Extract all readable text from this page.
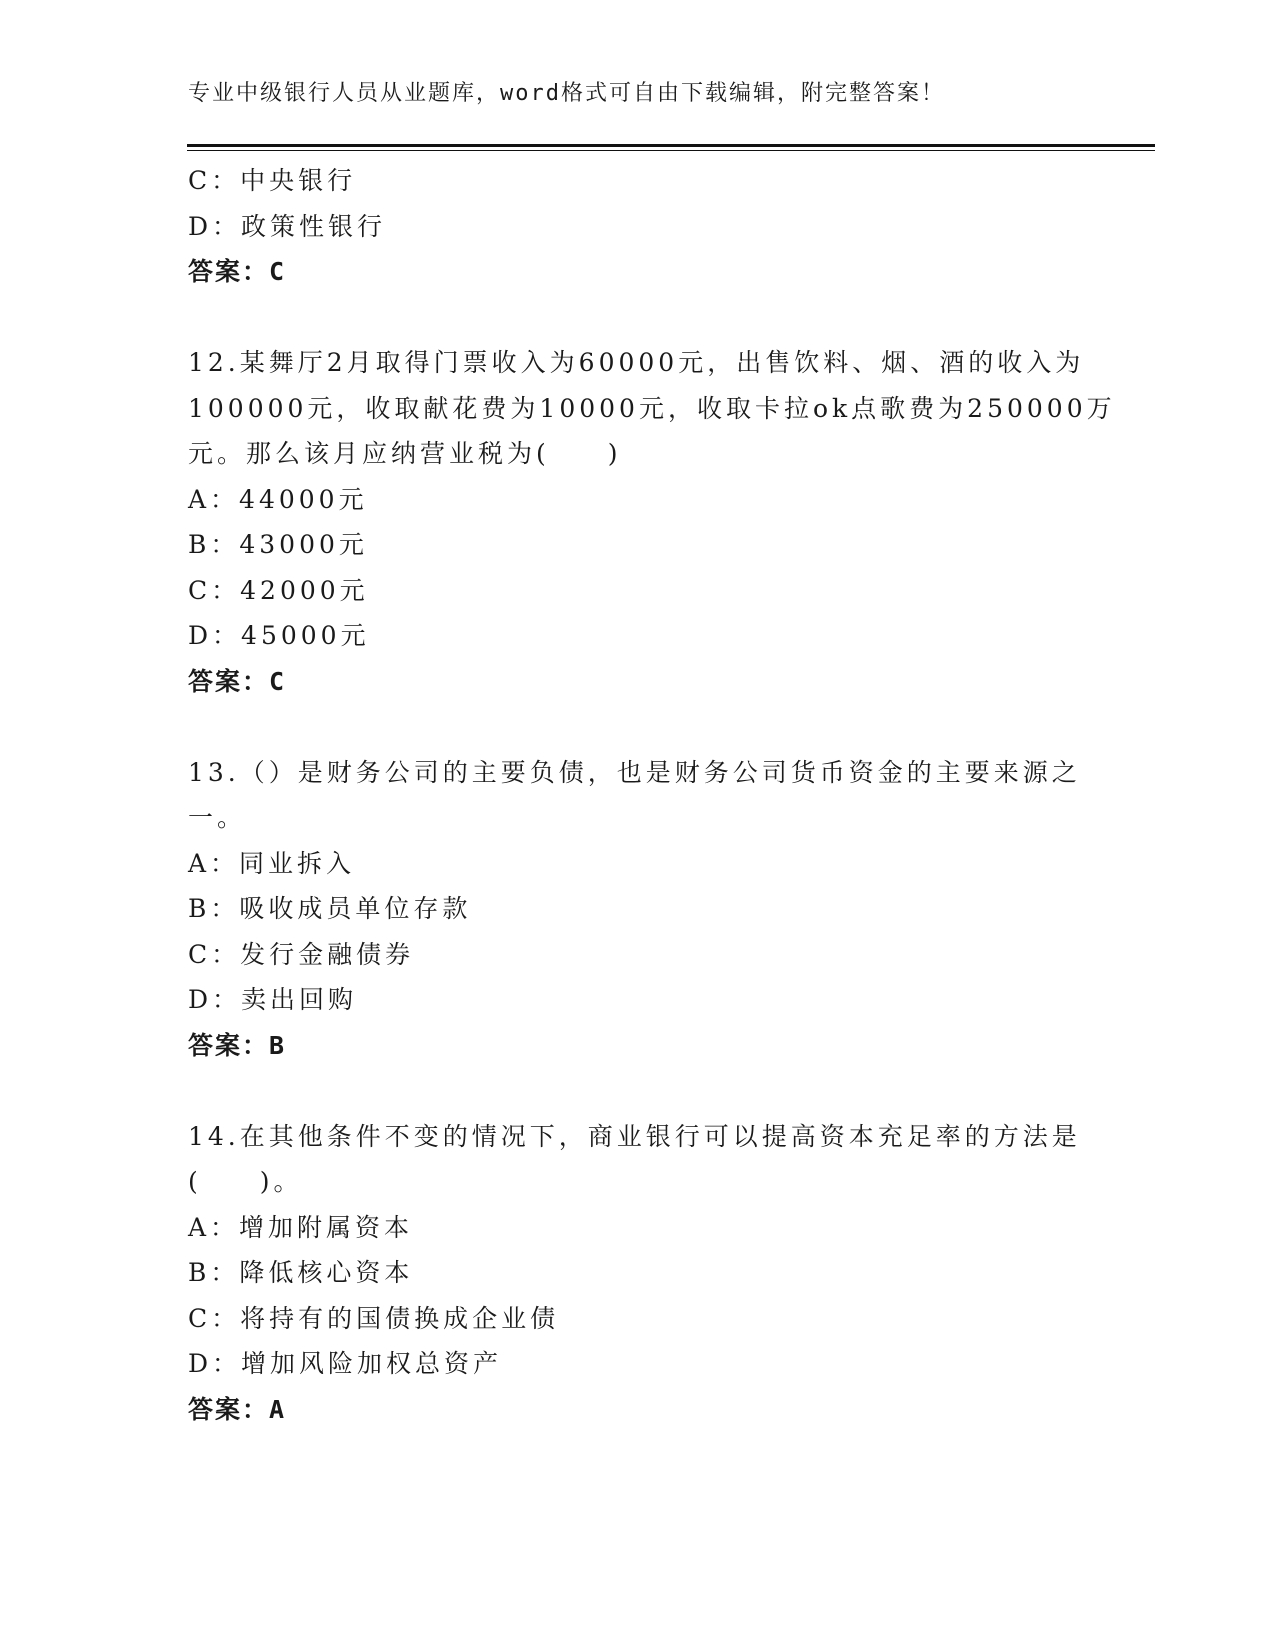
专业中级银行人员从业题库，word格式可自由下载编辑，附完整答案！
C：中央银行
D：政策性银行
答案：C
12.某舞厅2月取得门票收入为60000元，出售饮料、烟、酒的收入为
100000元，收取献花费为10000元，收取卡拉ok点歌费为250000万
元。那么该月应纳营业税为(　　)
A：44000元
B：43000元
C：42000元
D：45000元
答案：C
13.（）是财务公司的主要负债，也是财务公司货币资金的主要来源之
一。
A：同业拆入
B：吸收成员单位存款
C：发行金融债券
D：卖出回购
答案：B
14.在其他条件不变的情况下，商业银行可以提高资本充足率的方法是
(　　)。
A：增加附属资本
B：降低核心资本
C：将持有的国债换成企业债
D：增加风险加权总资产
答案：A
